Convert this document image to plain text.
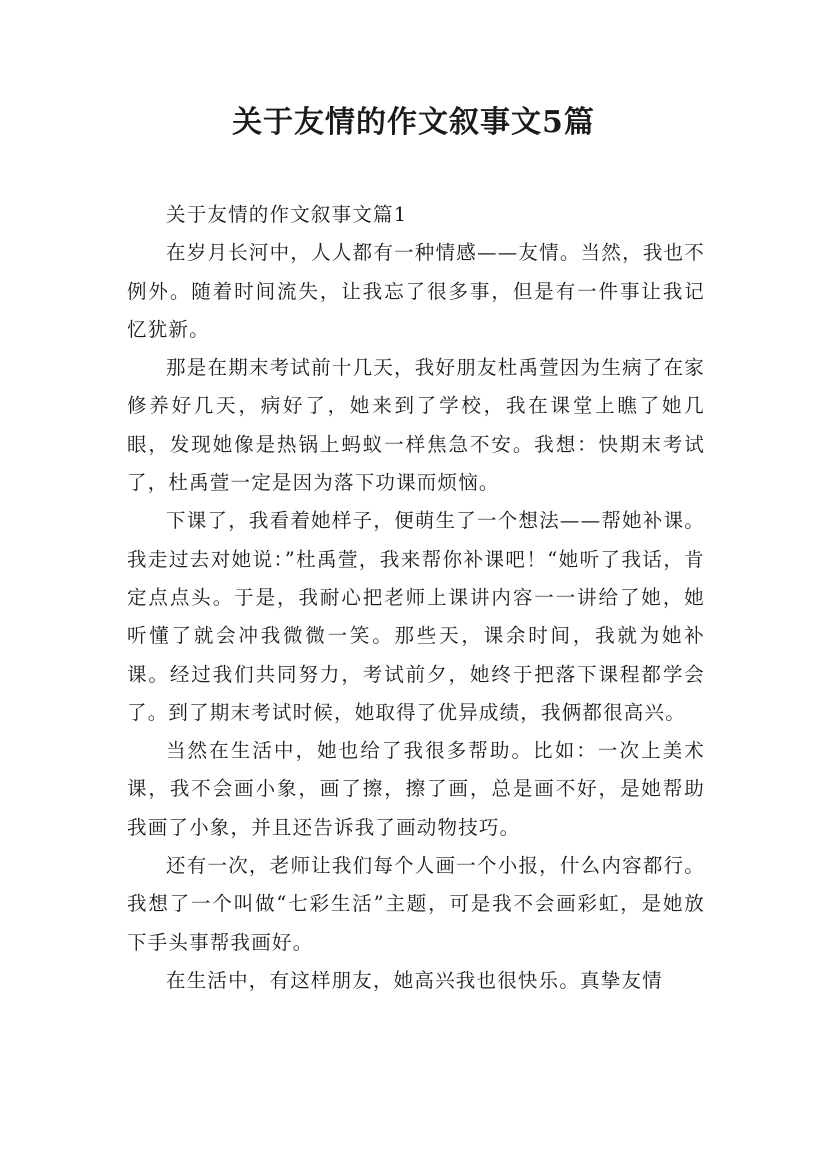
关于友情的作文叙事文5篇

关于友情的作文叙事文篇1

在岁月长河中，人人都有一种情感——友情。当然，我也不例外。随着时间流失，让我忘了很多事，但是有一件事让我记忆犹新。

那是在期末考试前十几天，我好朋友杜禹萱因为生病了在家修养好几天，病好了，她来到了学校，我在课堂上瞧了她几眼，发现她像是热锅上蚂蚁一样焦急不安。我想：快期末考试了，杜禹萱一定是因为落下功课而烦恼。

下课了，我看着她样子，便萌生了一个想法——帮她补课。我走过去对她说：”杜禹萱，我来帮你补课吧！“她听了我话，肯定点点头。于是，我耐心把老师上课讲内容一一讲给了她，她听懂了就会冲我微微一笑。那些天，课余时间，我就为她补课。经过我们共同努力，考试前夕，她终于把落下课程都学会了。到了期末考试时候，她取得了优异成绩，我俩都很高兴。

当然在生活中，她也给了我很多帮助。比如：一次上美术课，我不会画小象，画了擦，擦了画，总是画不好，是她帮助我画了小象，并且还告诉我了画动物技巧。

还有一次，老师让我们每个人画一个小报，什么内容都行。我想了一个叫做“七彩生活”主题，可是我不会画彩虹，是她放下手头事帮我画好。

在生活中，有这样朋友，她高兴我也很快乐。真挚友情
